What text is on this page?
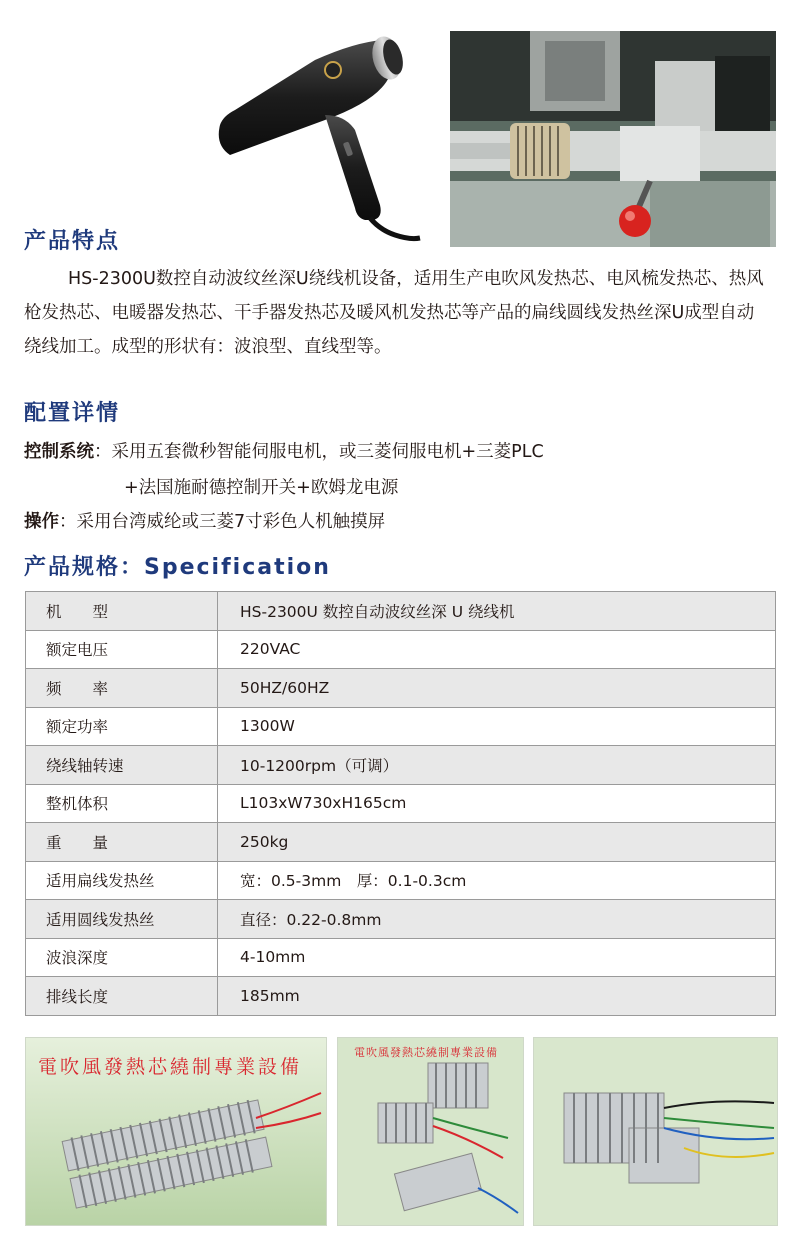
产品特点
HS-2300U数控自动波纹丝深U绕线机设备，适用生产电吹风发热芯、电风梳发热芯、热风枪发热芯、电暖器发热芯、干手器发热芯及暖风机发热芯等产品的扁线圆线发热丝深U成型自动绕线加工。成型的形状有：波浪型、直线型等。
配置详情
控制系统：采用五套微秒智能伺服电机，或三菱伺服电机+三菱PLC
+法国施耐德控制开关+欧姆龙电源
操作：采用台湾威纶或三菱7寸彩色人机触摸屏
产品规格：Specification
机　　型	HS-2300U 数控自动波纹丝深 U 绕线机
额定电压	220VAC
频　　率	50HZ/60HZ
额定功率	1300W
绕线轴转速	10-1200rpm（可调）
整机体积	L103xW730xH165cm
重　　量	250kg
适用扁线发热丝	宽：0.5-3mm　厚：0.1-0.3cm
适用圆线发热丝	直径：0.22-0.8mm
波浪深度	4-10mm
排线长度	185mm
電吹風發熱芯繞制專業設備
電吹風發熱芯繞制專業設備
